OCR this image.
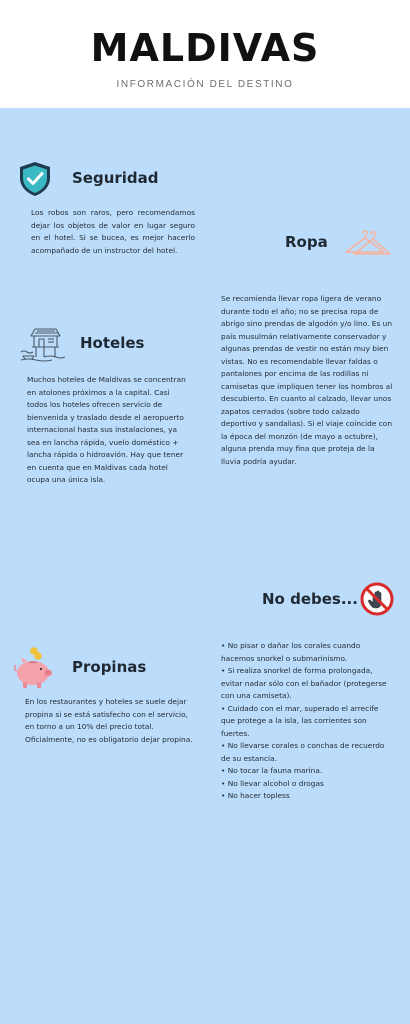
MALDIVAS
INFORMACIÓN DEL DESTINO
Seguridad
Los robos son raros, pero recomendamos dejar los objetos de valor en lugar seguro en el hotel. Si se bucea, es mejor hacerlo acompañado de un instructor del hotel.	Ropa
Se recomienda llevar ropa ligera de verano durante todo el año; no se precisa ropa de abrigo sino prendas de algodón y/o lino. Es un país musulmán relativamente conservador y algunas prendas de vestir no están muy bien vistas. No es recomendable llevar faldas o pantalones por encima de las rodillas ni camisetas que impliquen tener los hombros al descubierto. En cuanto al calzado, llevar unos zapatos cerrados (sobre todo calzado deportivo y sandalias). Si el viaje coincide con la época del monzón (de mayo a octubre), alguna prenda muy fina que proteja de la lluvia podría ayudar.
Hoteles
Muchos hoteles de Maldivas se concentran en atolones próximos a la capital. Casi todos los hoteles ofrecen servicio de bienvenida y traslado desde el aeropuerto internacional hasta sus instalaciones, ya sea en lancha rápida, vuelo doméstico + lancha rápida o hidroavión. Hay que tener en cuenta que en Maldivas cada hotel ocupa una única isla.
No debes...
• No pisar o dañar los corales cuando hacemos snorkel o submarinismo.
• Si realiza snorkel de forma prolongada, evitar nadar sólo con el bañador (protegerse con una camiseta).
• Cuidado con el mar, superado el arrecife que protege a la isla, las corrientes son fuertes.
• No llevarse corales o conchas de recuerdo de su estancia.
• No tocar la fauna marina.
• No llevar alcohol o drogas
• No hacer topless
Propinas
En los restaurantes y hoteles se suele dejar propina si se está satisfecho con el servicio, en torno a un 10% del precio total. Oficialmente, no es obligatorio dejar propina.
